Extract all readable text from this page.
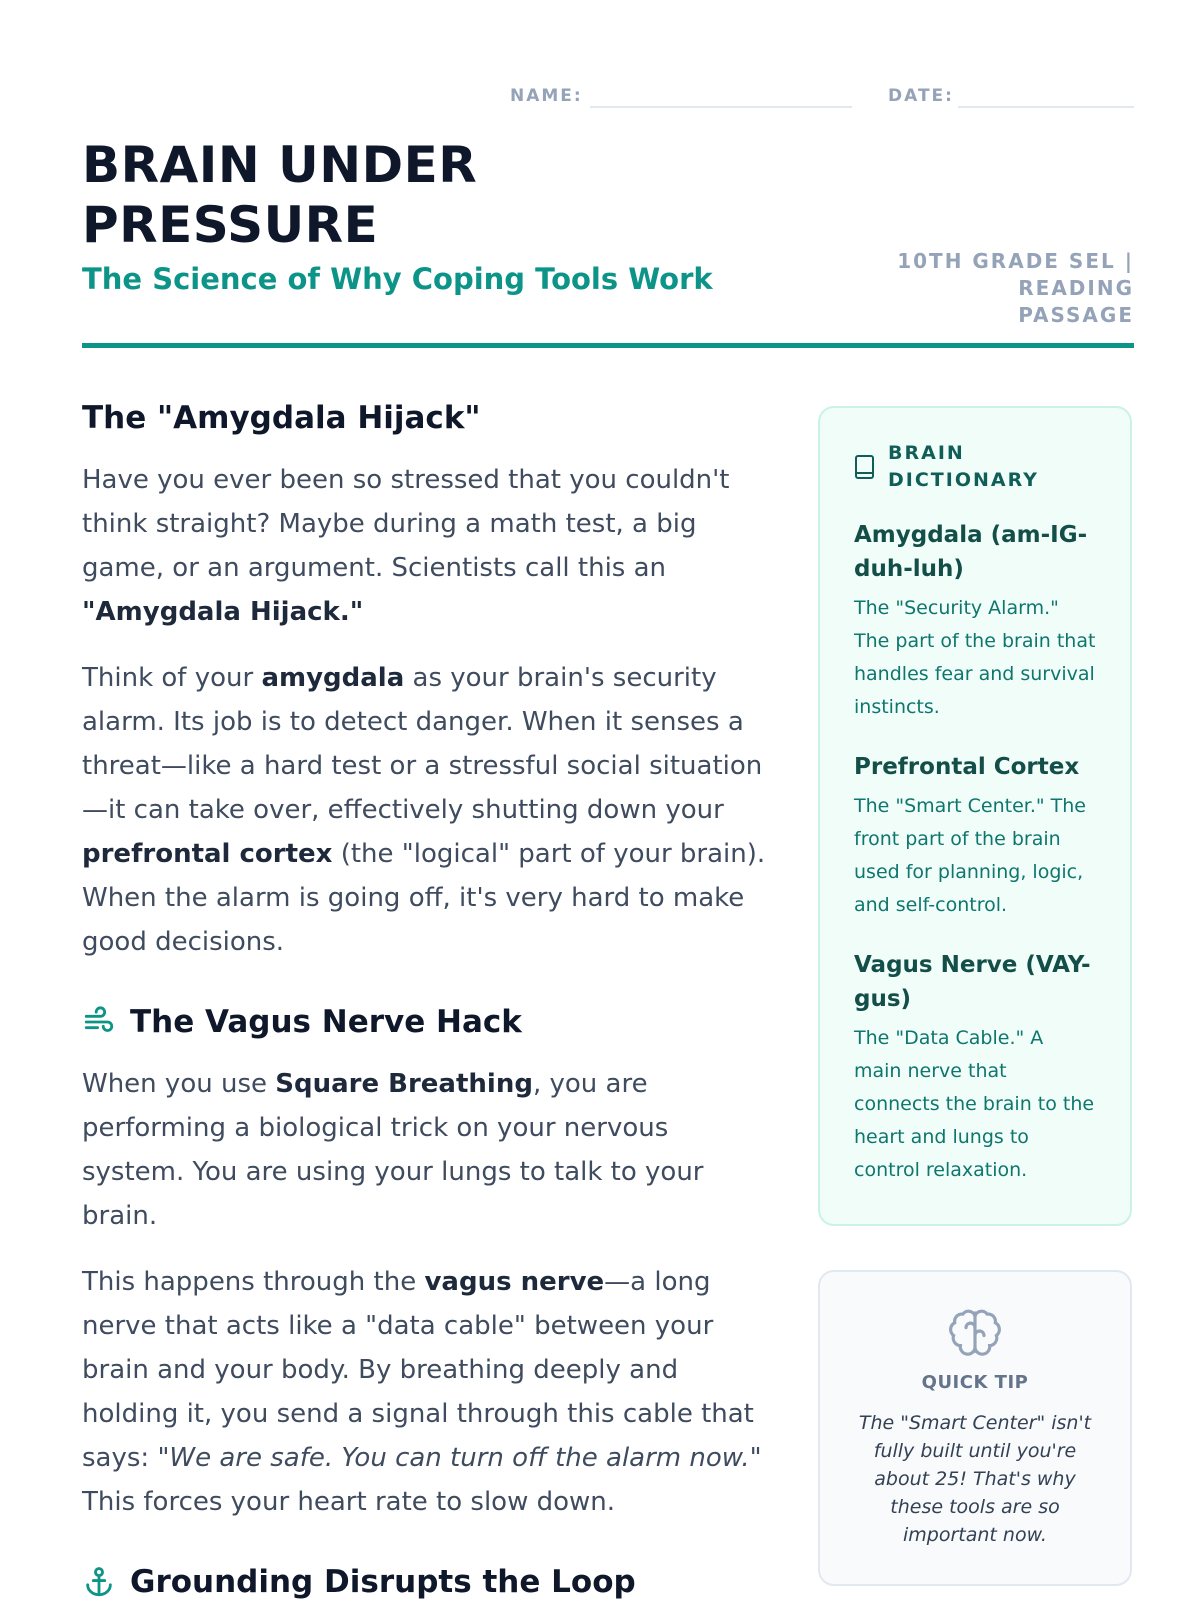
NAME:	DATE:
BRAIN UNDER
PRESSURE

The Science of Why Coping Tools Work

10TH GRADE SEL | READING
PASSAGE
The "Amygdala Hijack"

Have you ever been so stressed that you couldn't think straight? Maybe during a math test, a big game, or an argument. Scientists call this an "Amygdala Hijack."

Think of your amygdala as your brain's security alarm. Its job is to detect danger. When it senses a threat—like a hard test or a stressful social situation—it can take over, effectively shutting down your prefrontal cortex (the "logical" part of your brain). When the alarm is going off, it's very hard to make good decisions.

The Vagus Nerve Hack

When you use Square Breathing, you are performing a biological trick on your nervous system. You are using your lungs to talk to your brain.

This happens through the vagus nerve—a long nerve that acts like a "data cable" between your brain and your body. By breathing deeply and holding it, you send a signal through this cable that says: "We are safe. You can turn off the alarm now." This forces your heart rate to slow down.

Grounding Disrupts the Loop
BRAIN
DICTIONARY

Amygdala (am-IG-duh-luh)

The "Security Alarm." The part of the brain that handles fear and survival instincts.

Prefrontal Cortex

The "Smart Center." The front part of the brain used for planning, logic, and self-control.

Vagus Nerve (VAY-gus)

The "Data Cable." A main nerve that connects the brain to the heart and lungs to control relaxation.

QUICK TIP
The "Smart Center" isn't fully built until you're about 25! That's why these tools are so important now.
